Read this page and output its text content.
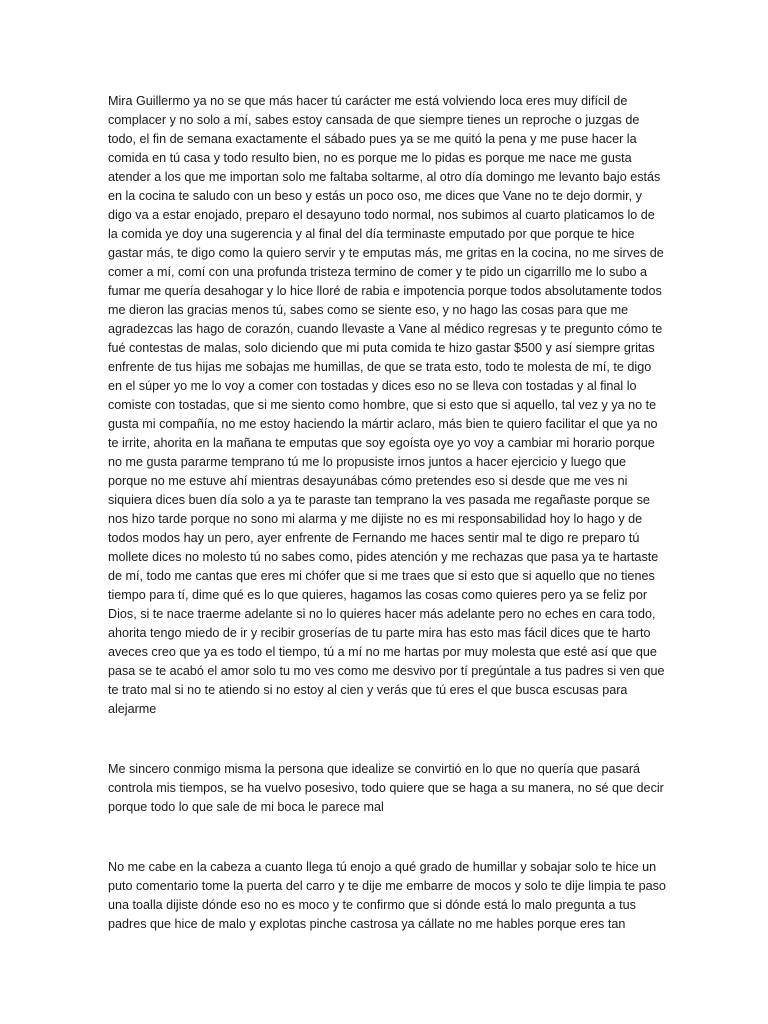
Mira Guillermo ya no se que más hacer tú carácter me está volviendo loca eres muy difícil de complacer y no solo a mí, sabes estoy cansada de que siempre tienes un reproche o juzgas de todo, el fin de semana exactamente el sábado pues ya se me quitó la pena y me puse hacer la comida en tú casa y todo resulto bien, no es porque me lo pidas es porque me nace me gusta atender a los que me importan solo me faltaba soltarme, al otro día domingo me levanto bajo estás en la cocina te saludo con un beso y estás un poco oso, me dices que Vane no te dejo dormir, y digo va a estar enojado, preparo el desayuno todo normal, nos subimos al cuarto platicamos lo de la comida ye doy una sugerencia y al final del día terminaste emputado por que porque te hice gastar más, te digo como la quiero servir y te emputas más, me gritas en la cocina, no me sirves de comer a mí, comí con una profunda tristeza termino de comer y te pido un cigarrillo me lo subo a fumar me quería desahogar y lo hice lloré de rabia e impotencia porque todos absolutamente todos me dieron las gracias menos tú, sabes como se siente eso, y no hago las cosas para que me agradezcas las hago de corazón, cuando llevaste a Vane al médico regresas y te pregunto cómo te fué contestas de malas, solo diciendo que mi puta comida te hizo gastar $500 y así siempre gritas enfrente de tus hijas me sobajas me humillas, de que se trata esto, todo te molesta de mí, te digo en el súper yo me lo voy a comer con tostadas y dices eso no se lleva con tostadas y al final lo comiste con tostadas, que si me siento como hombre, que si esto que si aquello, tal vez y ya no te gusta mi compañía, no me estoy haciendo la mártir aclaro, más bien te quiero facilitar el que ya no te irrite, ahorita en la mañana te emputas que soy egoísta oye yo voy a cambiar mi horario porque no me gusta pararme temprano tú me lo propusiste irnos juntos a hacer ejercicio y luego que porque no me estuve ahí mientras desayunábas cómo pretendes eso si desde que me ves ni siquiera dices buen día solo a ya te paraste tan temprano la ves pasada me regañaste porque se nos hizo tarde porque no sono mi alarma y me dijiste no es mi responsabilidad hoy lo hago y de todos modos hay un pero, ayer enfrente de Fernando me haces sentir mal te digo re preparo tú mollete dices no molesto tú no sabes como, pides atención y me rechazas que pasa ya te hartaste de mí, todo me cantas que eres mi chófer que si me traes que si esto que si aquello que no tienes tiempo para tí, dime qué es lo que quieres, hagamos las cosas como quieres pero ya se feliz por Dios, si te nace traerme adelante si no lo quieres hacer más adelante pero no eches en cara todo, ahorita tengo miedo de ir y recibir groserías de tu parte mira has esto mas fácil dices que te harto aveces creo que ya es todo el tiempo, tú a mí no me hartas por muy molesta que esté así que que pasa se te acabó el amor solo tu mo ves como me desvivo por tí pregúntale a tus padres si ven que te trato mal si no te atiendo si no estoy al cien y verás que tú eres el que busca escusas para alejarme

Me sincero conmigo misma la persona que idealize se convirtió en lo que no quería que pasará controla mis tiempos, se ha vuelvo posesivo, todo quiere que se haga a su manera, no sé que decir porque todo lo que sale de mi boca le parece mal

No me cabe en la cabeza a cuanto llega tú enojo a qué grado de humillar y sobajar solo te hice un puto comentario tome la puerta del carro y te dije me embarre de mocos y solo te dije limpia te paso una toalla dijiste dónde eso no es moco y te confirmo que si dónde está lo malo pregunta a tus padres que hice de malo y explotas pinche castrosa ya cállate no me hables porque eres tan
